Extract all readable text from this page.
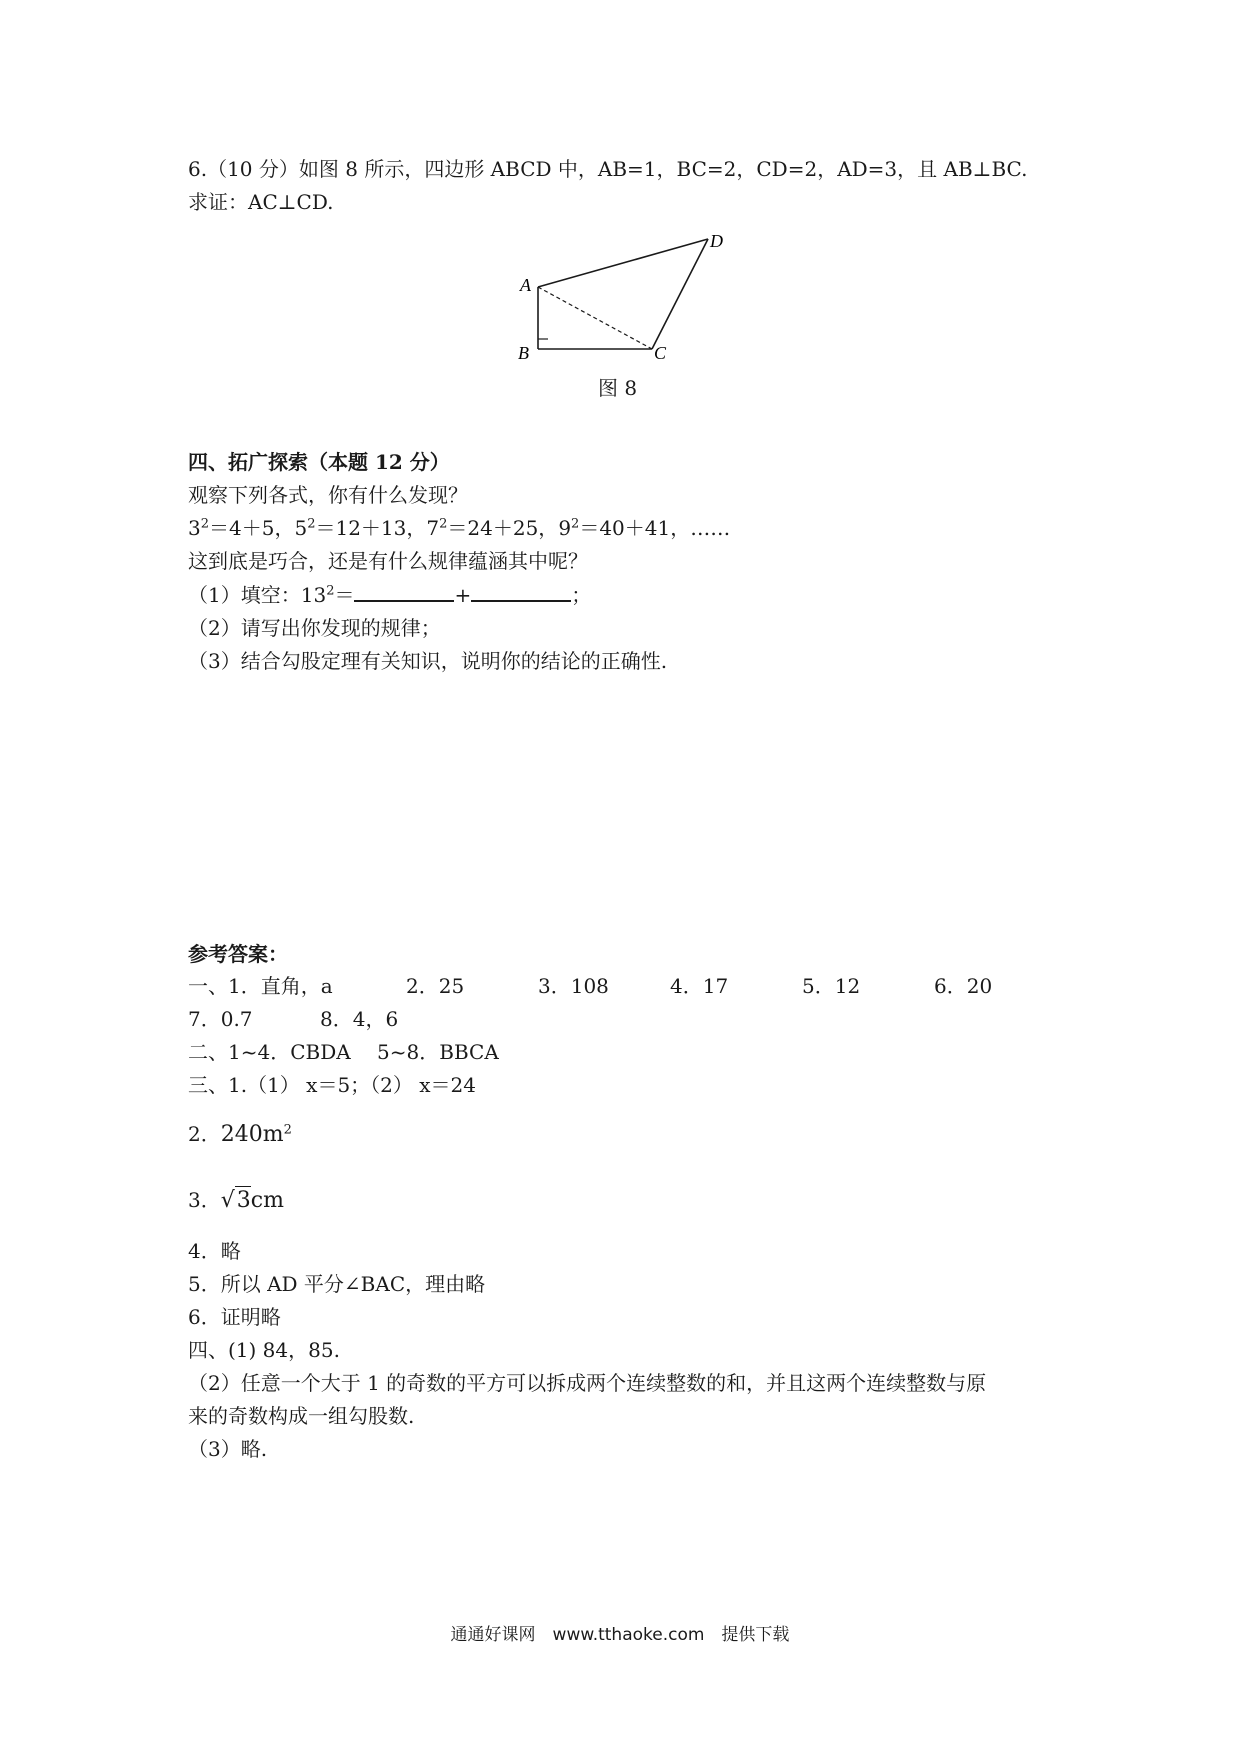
6.（10 分）如图 8 所示，四边形 ABCD 中，AB=1，BC=2，CD=2，AD=3，且 AB⊥BC.
求证：AC⊥CD.
A
B	C
D
图 8
四、拓广探索（本题 12 分）
观察下列各式，你有什么发现？
$3^2=4+5$，$5^2=12+13$，$7^2=24+25$，$9^2=40+41$，……
这到底是巧合，还是有什么规律蕴涵其中呢？
（1）填空：$13^2=$	+	；
（2）请写出你发现的规律；
（3）结合勾股定理有关知识，说明你的结论的正确性.
参考答案：
一、1．直角，a	2．25	3．108	4．17	5．12	6．20
7．0.7	8．4，6
二、1~4．CBDA　 5~8．BBCA
三、1.（1） x＝5；（2） x＝24
2．$240m^2$
3．√3cm
4．略
5．所以 AD 平分∠BAC，理由略
6．证明略
四、(1) 84，85.
（2）任意一个大于 1 的奇数的平方可以拆成两个连续整数的和，并且这两个连续整数与原
来的奇数构成一组勾股数.
（3）略.
通通好课网　www.tthaoke.com　提供下载
